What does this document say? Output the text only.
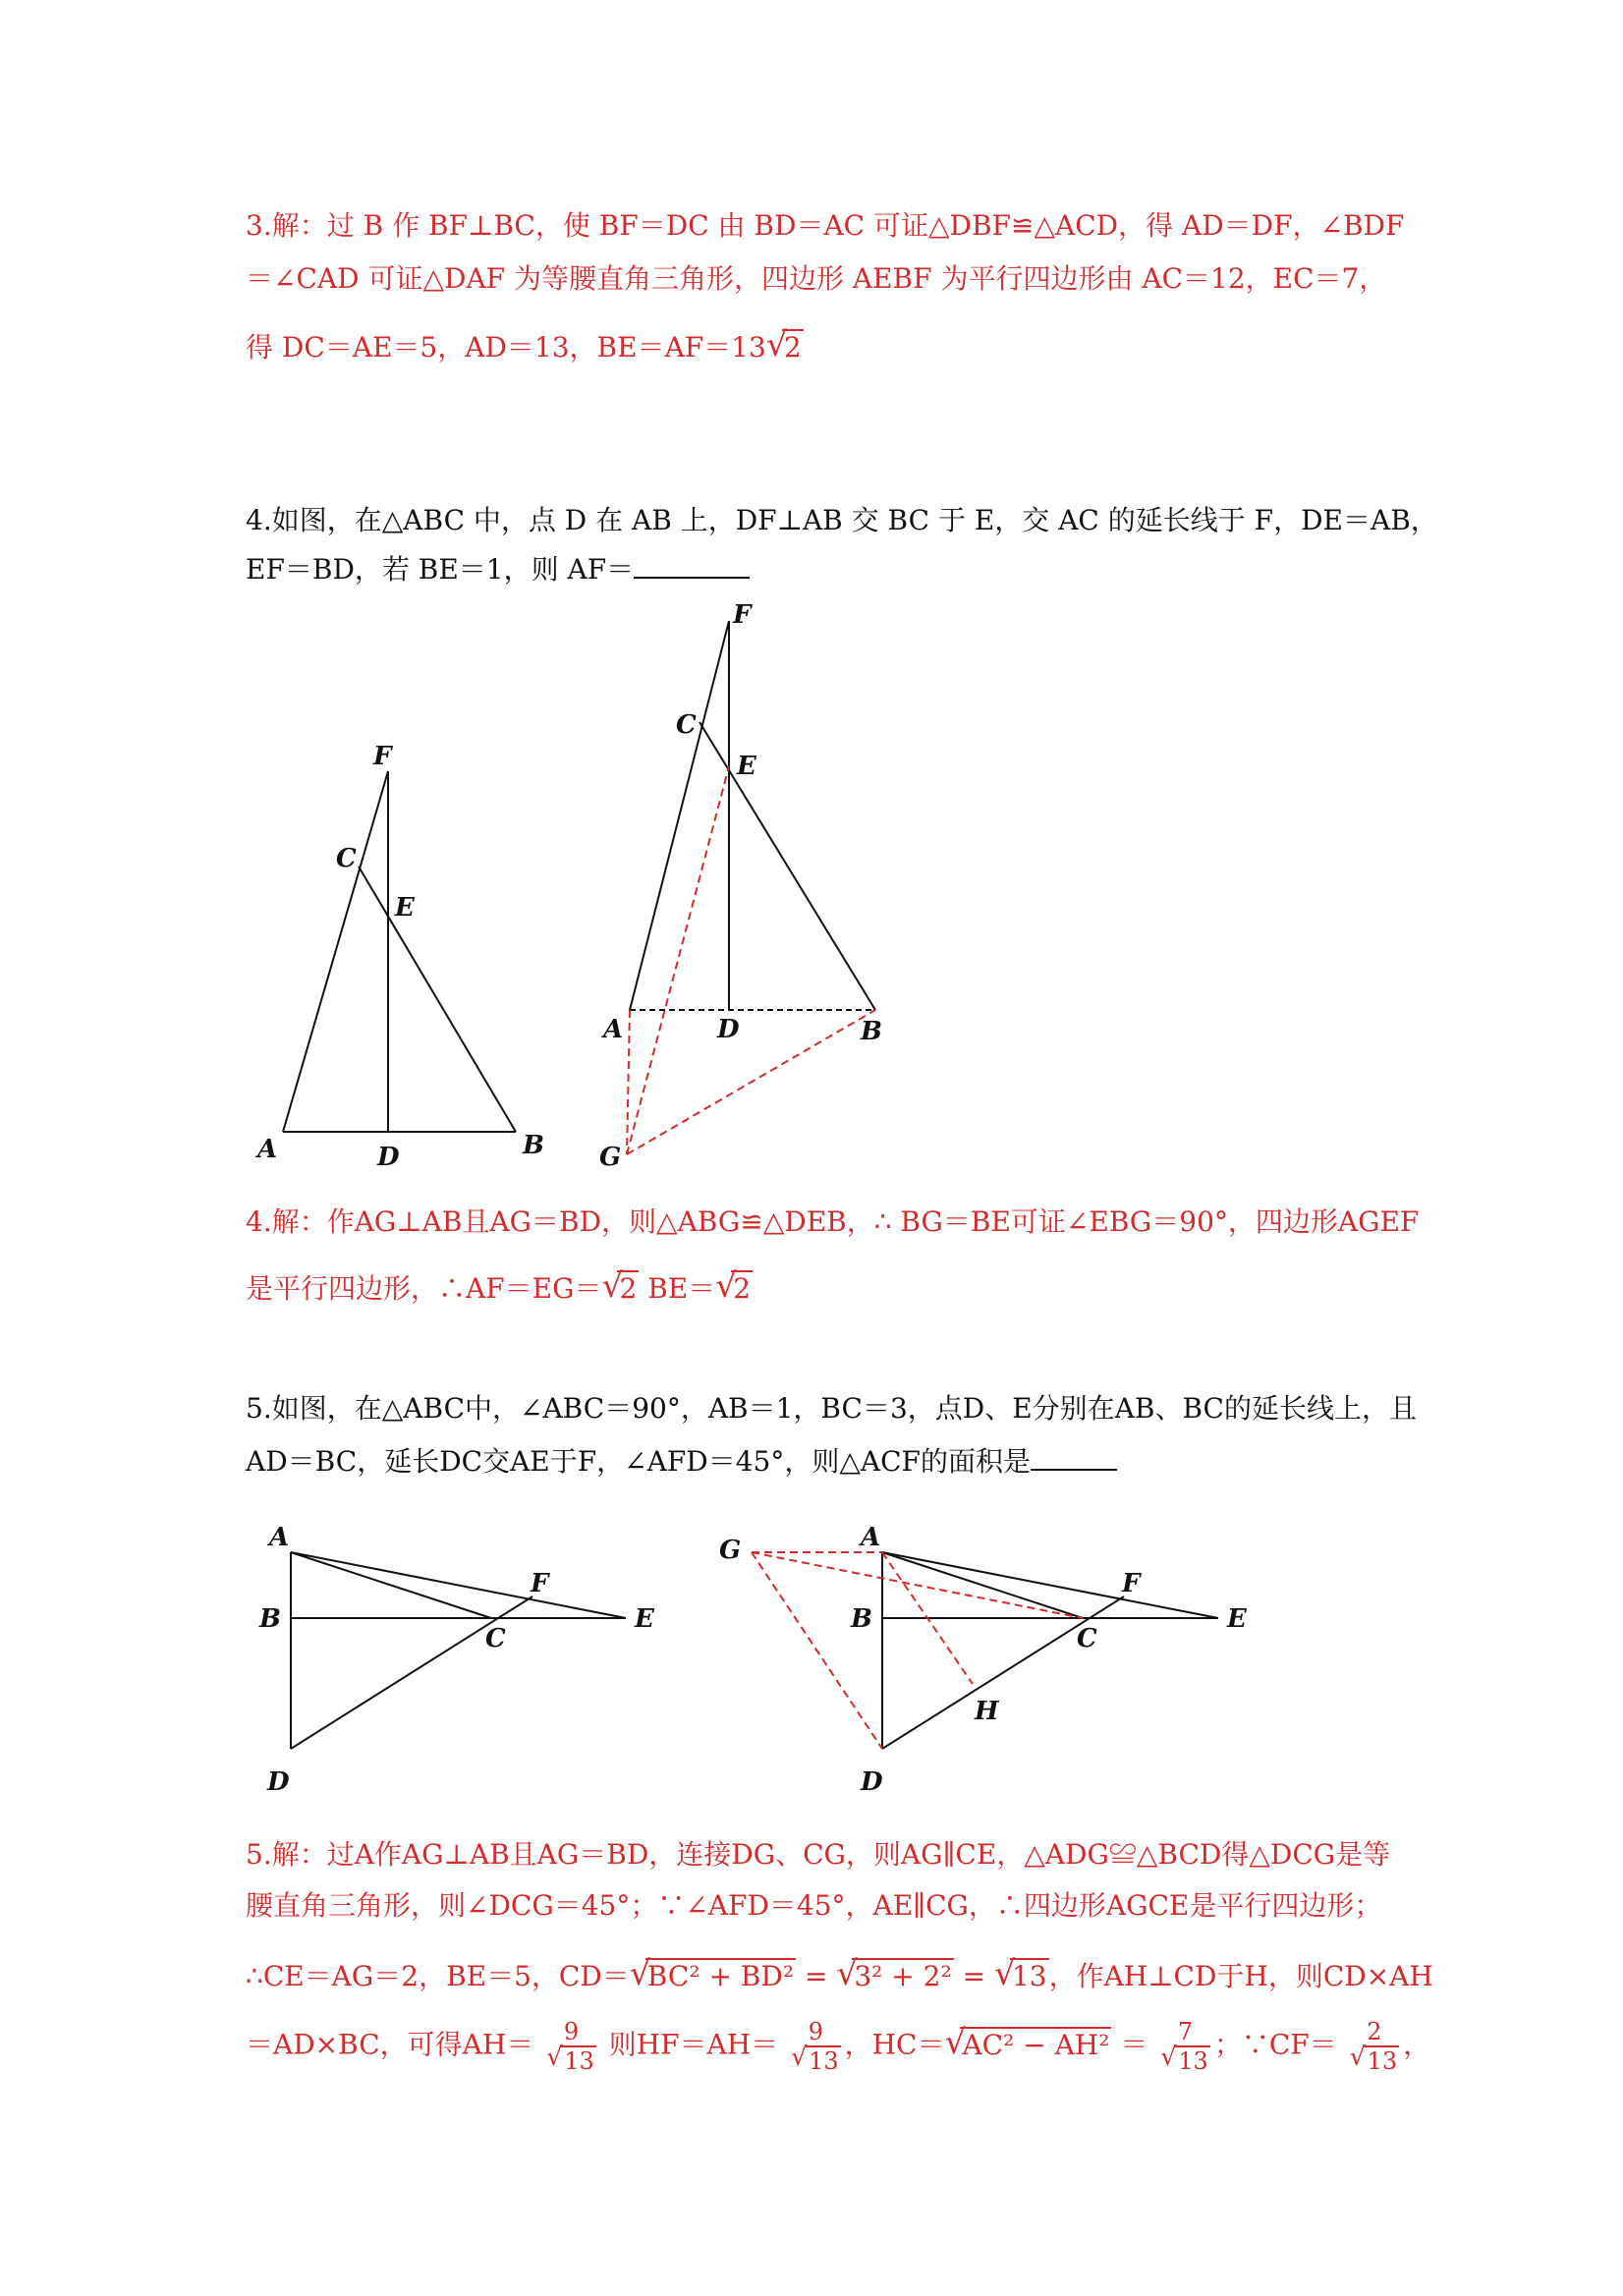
3.解：过 B 作 BF⊥BC，使 BF＝DC 由 BD＝AC 可证△DBF≌△ACD，得 AD＝DF，∠BDF
＝∠CAD 可证△DAF 为等腰直角三角形，四边形 AEBF 为平行四边形由 AC＝12，EC＝7，
得 DC＝AE＝5，AD＝13，BE＝AF＝13 √
2
4.如图，在△ABC 中，点 D 在 AB 上，DF⊥AB 交 BC 于 E，交 AC 的延长线于 F，DE＝AB，
EF＝BD，若 BE＝1，则 AF＝
F
C
E
A	D	B
F
C
E
A	D	B
G
4.解：作AG⊥AB且AG＝BD，则△ABG≌△DEB，∴ BG＝BE可证∠EBG＝90°，四边形AGEF
是平行四边形，∴AF＝EG＝ √
2 BE＝ √
2
5.如图，在△ABC中，∠ABC＝90°，AB＝1，BC＝3，点D、E分别在AB、BC的延长线上，且
AD＝BC，延长DC交AE于F，∠AFD＝45°，则△ACF的面积是
A
F
B
C
E
D
G	A
F
B
C
E
H
D
5.解：过A作AG⊥AB且AG＝BD，连接DG、CG，则AG∥CE，△ADG≌△BCD得△DCG是等
腰直角三角形，则∠DCG＝45°；∵∠AFD＝45°，AE∥CG，∴四边形AGCE是平行四边形；
∴CE＝AG＝2，BE＝5，CD＝ √
BC² + BD² = √
3² + 2² = √
13，作AH⊥CD于H，则CD×AH
＝AD×BC，可得$AH= \frac{9}{√ 13}$ 则$HF=AH= \frac{9}{√ 13}$ ，HC＝ √
$AC^2 - AH^2 = \frac{7}{√ 13}$ ；∵CF＝ $\frac{2}{√ 13}$ ，
